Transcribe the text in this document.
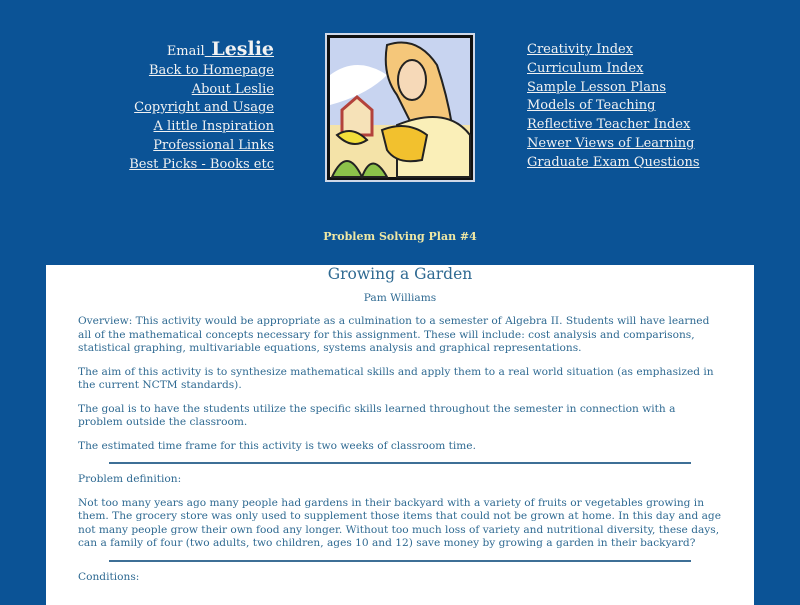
Email Leslie
Back to Homepage
About Leslie
Copyright and Usage
A little Inspiration
Professional Links
Best Picks - Books etc
Creativity Index
Curriculum Index
Sample Lesson Plans
Models of Teaching
Reflective Teacher Index
Newer Views of Learning
Graduate Exam Questions
Problem Solving Plan #4
Growing a Garden
Pam Williams

Overview: This activity would be appropriate as a culmination to a semester of Algebra II. Students will have learned all of the mathematical concepts necessary for this assignment. These will include: cost analysis and comparisons, statistical graphing, multivariable equations, systems analysis and graphical representations.

The aim of this activity is to synthesize mathematical skills and apply them to a real world situation (as emphasized in the current NCTM standards).

The goal is to have the students utilize the specific skills learned throughout the semester in connection with a problem outside the classroom.

The estimated time frame for this activity is two weeks of classroom time.

Problem definition:

Not too many years ago many people had gardens in their backyard with a variety of fruits or vegetables growing in them. The grocery store was only used to supplement those items that could not be grown at home. In this day and age not many people grow their own food any longer. Without too much loss of variety and nutritional diversity, these days, can a family of four (two adults, two children, ages 10 and 12) save money by growing a garden in their backyard?

Conditions:
